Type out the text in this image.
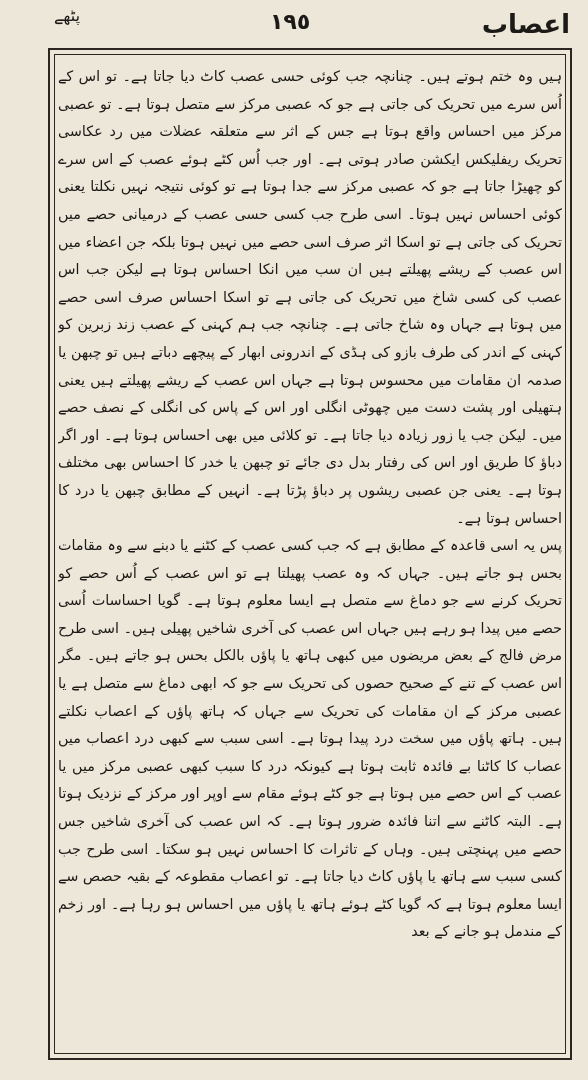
پٹھے	١٩٥	اعصاب

ہیں وہ ختم ہوتے ہیں۔ چنانچہ جب کوئی حسی عصب کاٹ دیا جاتا ہے۔ تو اس کے اُس سرے میں تحریک کی جاتی ہے جو کہ عصبی مرکز سے متصل ہوتا ہے۔ تو عصبی مرکز میں احساس واقع ہوتا ہے جس کے اثر سے متعلقہ عضلات میں رد عکاسی تحریک ریفلیکس ایکشن صادر ہوتی ہے۔ اور جب اُس کٹے ہوئے عصب کے اس سرے کو چھیڑا جاتا ہے جو کہ عصبی مرکز سے جدا ہوتا ہے تو کوئی نتیجہ نہیں نکلتا یعنی کوئی احساس نہیں ہوتا۔ اسی طرح جب کسی حسی عصب کے درمیانی حصے میں تحریک کی جاتی ہے تو اسکا اثر صرف اسی حصے میں نہیں ہوتا بلکہ جن اعضاء میں اس عصب کے ریشے پھیلتے ہیں ان سب میں انکا احساس ہوتا ہے لیکن جب اس عصب کی کسی شاخ میں تحریک کی جاتی ہے تو اسکا احساس صرف اسی حصے میں ہوتا ہے جہاں وہ شاخ جاتی ہے۔ چنانچہ جب ہم کہنی کے عصب زند زبرین کو کہنی کے اندر کی طرف بازو کی ہڈی کے اندرونی ابھار کے پیچھے دباتے ہیں تو چبھن یا صدمہ ان مقامات میں محسوس ہوتا ہے جہاں اس عصب کے ریشے پھیلتے ہیں یعنی ہتھیلی اور پشت دست میں چھوٹی انگلی اور اس کے پاس کی انگلی کے نصف حصے میں۔ لیکن جب یا زور زیادہ دیا جاتا ہے۔ تو کلائی میں بھی احساس ہوتا ہے۔ اور اگر دباؤ کا طریق اور اس کی رفتار بدل دی جائے تو چبھن یا خدر کا احساس بھی مختلف ہوتا ہے۔ یعنی جن عصبی ریشوں پر دباؤ پڑتا ہے۔ انہیں کے مطابق چبھن یا درد کا احساس ہوتا ہے۔

پس یہ اسی قاعدہ کے مطابق ہے کہ جب کسی عصب کے کٹنے یا دبنے سے وہ مقامات بحس ہو جاتے ہیں۔ جہاں کہ وہ عصب پھیلتا ہے تو اس عصب کے اُس حصے کو تحریک کرنے سے جو دماغ سے متصل ہے ایسا معلوم ہوتا ہے۔ گویا احساسات اُسی حصے میں پیدا ہو رہے ہیں جہاں اس عصب کی آخری شاخیں پھیلی ہیں۔ اسی طرح مرض فالج کے بعض مریضوں میں کبھی ہاتھ یا پاؤں بالکل بحس ہو جاتے ہیں۔ مگر اس عصب کے تنے کے صحیح حصوں کی تحریک سے جو کہ ابھی دماغ سے متصل ہے یا عصبی مرکز کے ان مقامات کی تحریک سے جہاں کہ ہاتھ پاؤں کے اعصاب نکلتے ہیں۔ ہاتھ پاؤں میں سخت درد پیدا ہوتا ہے۔ اسی سبب سے کبھی درد اعصاب میں عصاب کا کاٹنا بے فائدہ ثابت ہوتا ہے کیونکہ درد کا سبب کبھی عصبی مرکز میں یا عصب کے اس حصے میں ہوتا ہے جو کٹے ہوئے مقام سے اوپر اور مرکز کے نزدیک ہوتا ہے۔ البتہ کاٹنے سے اتنا فائدہ ضرور ہوتا ہے۔ کہ اس عصب کی آخری شاخیں جس حصے میں پہنچتی ہیں۔ وہاں کے تاثرات کا احساس نہیں ہو سکتا۔ اسی طرح جب کسی سبب سے ہاتھ یا پاؤں کاٹ دیا جاتا ہے۔ تو اعصاب مقطوعہ کے بقیہ حصص سے ایسا معلوم ہوتا ہے کہ گویا کٹے ہوئے ہاتھ یا پاؤں میں احساس ہو رہا ہے۔ اور زخم کے مندمل ہو جانے کے بعد
